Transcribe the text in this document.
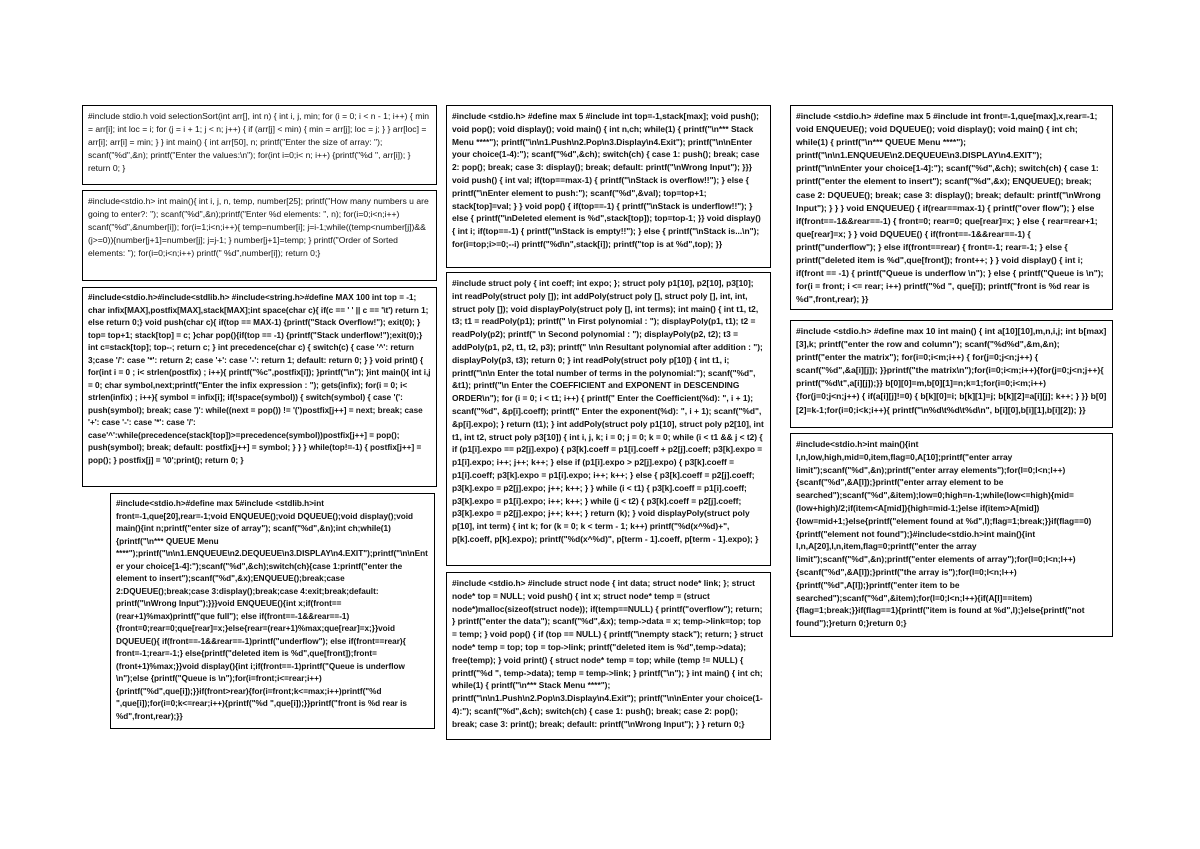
#include stdio.h void selectionSort(int arr[], int n) { int i, j, min; for (i = 0; i < n - 1; i++) { min = arr[i]; int loc = i; for (j = i + 1; j < n; j++) { if (arr[j] < min) { min = arr[j]; loc = j; } } arr[loc] = arr[i]; arr[i] = min; } } int main() { int arr[50], n; printf("Enter the size of array: "); scanf("%d",&n); printf("Enter the values:\n"); for(int i=0;i< n; i++) {printf("%d ", arr[i]); } return 0; }
#include<stdio.h> int main(){ int i, j, n, temp, number[25]; printf("How many numbers u are going to enter?: "); scanf("%d",&n);printf("Enter %d elements: ", n); for(i=0;i<n;i++) scanf("%d",&number[i]); for(i=1;i<n;i++){ temp=number[i]; j=i-1;while((temp<number[j])&&(j>=0)){number[j+1]=number[j]; j=j-1; } number[j+1]=temp; } printf("Order of Sorted elements: "); for(i=0;i<n;i++) printf(" %d",number[i]); return 0;}
#include<stdio.h>#include<stdlib.h> #include<string.h>#define MAX 100 int top = -1; char infix[MAX],postfix[MAX],stack[MAX];int space(char c){ if(c == ' ' || c == '\t') return 1; else return 0;} void push(char c){ if(top == MAX-1) {printf("Stack Overflow!"); exit(0); } top= top+1; stack[top] = c; }char pop(){if(top == -1) {printf("Stack underflow!");exit(0);} int c=stack[top]; top--; return c; } int precedence(char c) { switch(c) { case '^': return 3;case '/': case '*': return 2; case '+': case '-': return 1; default: return 0; } } void print() { for(int i = 0 ; i< strlen(postfix) ; i++){ printf("%c",postfix[i]); }printf("\n"); }int main(){ int i,j = 0; char symbol,next;printf("Enter the infix expression : "); gets(infix); for(i = 0; i< strlen(infix) ; i++){ symbol = infix[i]; if(!space(symbol)) { switch(symbol) { case '(': push(symbol); break; case ')': while((next = pop()) != '(')postfix[j++] = next; break; case '+': case '-': case '*': case '/': case'^':while(precedence(stack[top])>=precedence(symbol))postfix[j++] = pop(); push(symbol); break; default: postfix[j++] = symbol; } } } while(top!=-1) { postfix[j++] = pop(); } postfix[j] = '\0';print(); return 0; }
#include<stdio.h>#define max 5#include <stdlib.h>int front=-1,que[20],rear=-1;void ENQUEUE();void DQUEUE();void display();void main(){int n;printf("enter size of array"); scanf("%d",&n);int ch;while(1){printf("\n*** QUEUE Menu ****");printf("\n\n1.ENQUEUE\n2.DEQUEUE\n3.DISPLAY\n4.EXIT");printf("\n\nEnter your choice[1-4]:");scanf("%d",&ch);switch(ch){case 1:printf("enter the element to insert");scanf("%d",&x);ENQUEUE();break;case 2:DQUEUE();break;case 3:display();break;case 4:exit;break;default: printf("\nWrong Input");}}}void ENQUEUE(){int x;if(front==(rear+1)%max)printf("que full"); else if(front==-1&&rear==-1){front=0;rear=0;que[rear]=x;}else{rear=(rear+1)%max;que[rear]=x;}}void DQUEUE(){ if(front==-1&&rear==-1)printf("underflow"); else if(front==rear){ front=-1;rear=-1;} else{printf("deleted item is %d",que[front]);front=(front+1)%max;}}void display(){int i;if(front==-1)printf("Queue is underflow \n");else {printf("Queue is \n");for(i=front;i<=rear;i++){printf("%d",que[i]);}}if(front>rear){for(i=front;k<=max;i++)printf("%d ",que[i]);for(i=0;k<=rear;i++){printf("%d ",que[i]);}}printf("front is %d rear is %d",front,rear);}}
#include <stdio.h> #define max 5 #include int top=-1,stack[max]; void push(); void pop(); void display(); void main() { int n,ch; while(1) { printf("\n*** Stack Menu ****"); printf("\n\n1.Push\n2.Pop\n3.Display\n4.Exit"); printf("\n\nEnter your choice(1-4):"); scanf("%d",&ch); switch(ch) { case 1: push(); break; case 2: pop(); break; case 3: display(); break; default: printf("\nWrong Input"); }}} void push() { int val; if(top==max-1) { printf("\nStack is overflow!!"); } else { printf("\nEnter element to push:"); scanf("%d",&val); top=top+1; stack[top]=val; } } void pop() { if(top==-1) { printf("\nStack is underflow!!"); } else { printf("\nDeleted element is %d",stack[top]); top=top-1; }} void display() { int i; if(top==-1) { printf("\nStack is empty!!"); } else { printf("\nStack is...\n"); for(i=top;i>=0;--i) printf("%d\n",stack[i]); printf("top is at %d",top); }}
#include struct poly { int coeff; int expo; }; struct poly p1[10], p2[10], p3[10]; int readPoly(struct poly []); int addPoly(struct poly [], struct poly [], int, int, struct poly []); void displayPoly(struct poly [], int terms); int main() { int t1, t2, t3; t1 = readPoly(p1); printf(" \n First polynomial : "); displayPoly(p1, t1); t2 = readPoly(p2); printf(" \n Second polynomial : "); displayPoly(p2, t2); t3 = addPoly(p1, p2, t1, t2, p3); printf(" \n\n Resultant polynomial after addition : "); displayPoly(p3, t3); return 0; } int readPoly(struct poly p[10]) { int t1, i; printf("\n\n Enter the total number of terms in the polynomial:"); scanf("%d", &t1); printf("\n Enter the COEFFICIENT and EXPONENT in DESCENDING ORDER\n"); for (i = 0; i < t1; i++) { printf(" Enter the Coefficient(%d): ", i + 1); scanf("%d", &p[i].coeff); printf(" Enter the exponent(%d): ", i + 1); scanf("%d", &p[i].expo); } return (t1); } int addPoly(struct poly p1[10], struct poly p2[10], int t1, int t2, struct poly p3[10]) { int i, j, k; i = 0; j = 0; k = 0; while (i < t1 && j < t2) { if (p1[i].expo == p2[j].expo) { p3[k].coeff = p1[i].coeff + p2[j].coeff; p3[k].expo = p1[i].expo; i++; j++; k++; } else if (p1[i].expo > p2[j].expo) { p3[k].coeff = p1[i].coeff; p3[k].expo = p1[i].expo; i++; k++; } else { p3[k].coeff = p2[j].coeff; p3[k].expo = p2[j].expo; j++; k++; } } while (i < t1) { p3[k].coeff = p1[i].coeff; p3[k].expo = p1[i].expo; i++; k++; } while (j < t2) { p3[k].coeff = p2[j].coeff; p3[k].expo = p2[j].expo; j++; k++; } return (k); } void displayPoly(struct poly p[10], int term) { int k; for (k = 0; k < term - 1; k++) printf("%d(x^%d)+", p[k].coeff, p[k].expo); printf("%d(x^%d)", p[term - 1].coeff, p[term - 1].expo); }
#include <stdio.h> #include struct node { int data; struct node* link; }; struct node* top = NULL; void push() { int x; struct node* temp = (struct node*)malloc(sizeof(struct node)); if(temp==NULL) { printf("overflow"); return; } printf("enter the data"); scanf("%d",&x); temp->data = x; temp->link=top; top = temp; } void pop() { if (top == NULL) { printf("\nempty stack"); return; } struct node* temp = top; top = top->link; printf("deleted item is %d",temp->data); free(temp); } void print() { struct node* temp = top; while (temp != NULL) { printf("%d ", temp->data); temp = temp->link; } printf("\n"); } int main() { int ch; while(1) { printf("\n*** Stack Menu ****"); printf("\n\n1.Push\n2.Pop\n3.Display\n4.Exit"); printf("\n\nEnter your choice(1-4):"); scanf("%d",&ch); switch(ch) { case 1: push(); break; case 2: pop(); break; case 3: print(); break; default: printf("\nWrong Input"); } } return 0;}
#include <stdio.h> #define max 5 #include int front=-1,que[max],x,rear=-1; void ENQUEUE(); void DQUEUE(); void display(); void main() { int ch; while(1) { printf("\n*** QUEUE Menu ****"); printf("\n\n1.ENQUEUE\n2.DEQUEUE\n3.DISPLAY\n4.EXIT"); printf("\n\nEnter your choice[1-4]:"); scanf("%d",&ch); switch(ch) { case 1: printf("enter the element to insert"); scanf("%d",&x); ENQUEUE(); break; case 2: DQUEUE(); break; case 3: display(); break; default: printf("\nWrong Input"); } } } void ENQUEUE() { if(rear==max-1) { printf("over flow"); } else if(front==-1&&rear==-1) { front=0; rear=0; que[rear]=x; } else { rear=rear+1; que[rear]=x; } } void DQUEUE() { if(front==-1&&rear==-1) { printf("underflow"); } else if(front==rear) { front=-1; rear=-1; } else { printf("deleted item is %d",que[front]); front++; } } void display() { int i; if(front == -1) { printf("Queue is underflow \n"); } else { printf("Queue is \n"); for(i = front; i <= rear; i++) printf("%d ", que[i]); printf("front is %d rear is %d",front,rear); }}
#include <stdio.h> #define max 10 int main() { int a[10][10],m,n,i,j; int b[max][3],k; printf("enter the row and column"); scanf("%d%d",&m,&n); printf("enter the matrix"); for(i=0;i<m;i++) { for(j=0;j<n;j++) { scanf("%d",&a[i][j]); }}printf("the matrix\n");for(i=0;i<m;i++){for(j=0;j<n;j++){ printf("%d\t",a[i][j]);}} b[0][0]=m,b[0][1]=n;k=1;for(i=0;i<m;i++){for(j=0;j<n;j++) { if(a[i][j]!=0) { b[k][0]=i; b[k][1]=j; b[k][2]=a[i][j]; k++; } }} b[0][2]=k-1;for(i=0;i<k;i++){ printf("\n%d\t%d\t%d\n", b[i][0],b[i][1],b[i][2]); }}
#include<stdio.h>int main(){int l,n,low,high,mid=0,item,flag=0,A[10];printf("enter array limit");scanf("%d",&n);printf("enter array elements");for(l=0;l<n;l++){scanf("%d",&A[l]);}printf("enter array element to be searched");scanf("%d",&item);low=0;high=n-1;while(low<=high){mid=(low+high)/2;if(item<A[mid]){high=mid-1;}else if(item>A[mid]){low=mid+1;}else{printf("element found at %d",l);flag=1;break;}}if(flag==0){printf("element not found");}#include<stdio.h>int main(){int l,n,A[20],l,n,item,flag=0;printf("enter the array limit");scanf("%d",&n);printf("enter elements of array");for(l=0;l<n;l++){scanf("%d",&A[l]);}printf("the array is");for(l=0;l<n;l++){printf("%d",A[l]);}printf("enter item to be searched");scanf("%d",&item);for(l=0;l<n;l++){if(A[l]==item){flag=1;break;}}if(flag==1){printf("item is found at %d",l);}else{printf("not found");}return 0;}return 0;}
